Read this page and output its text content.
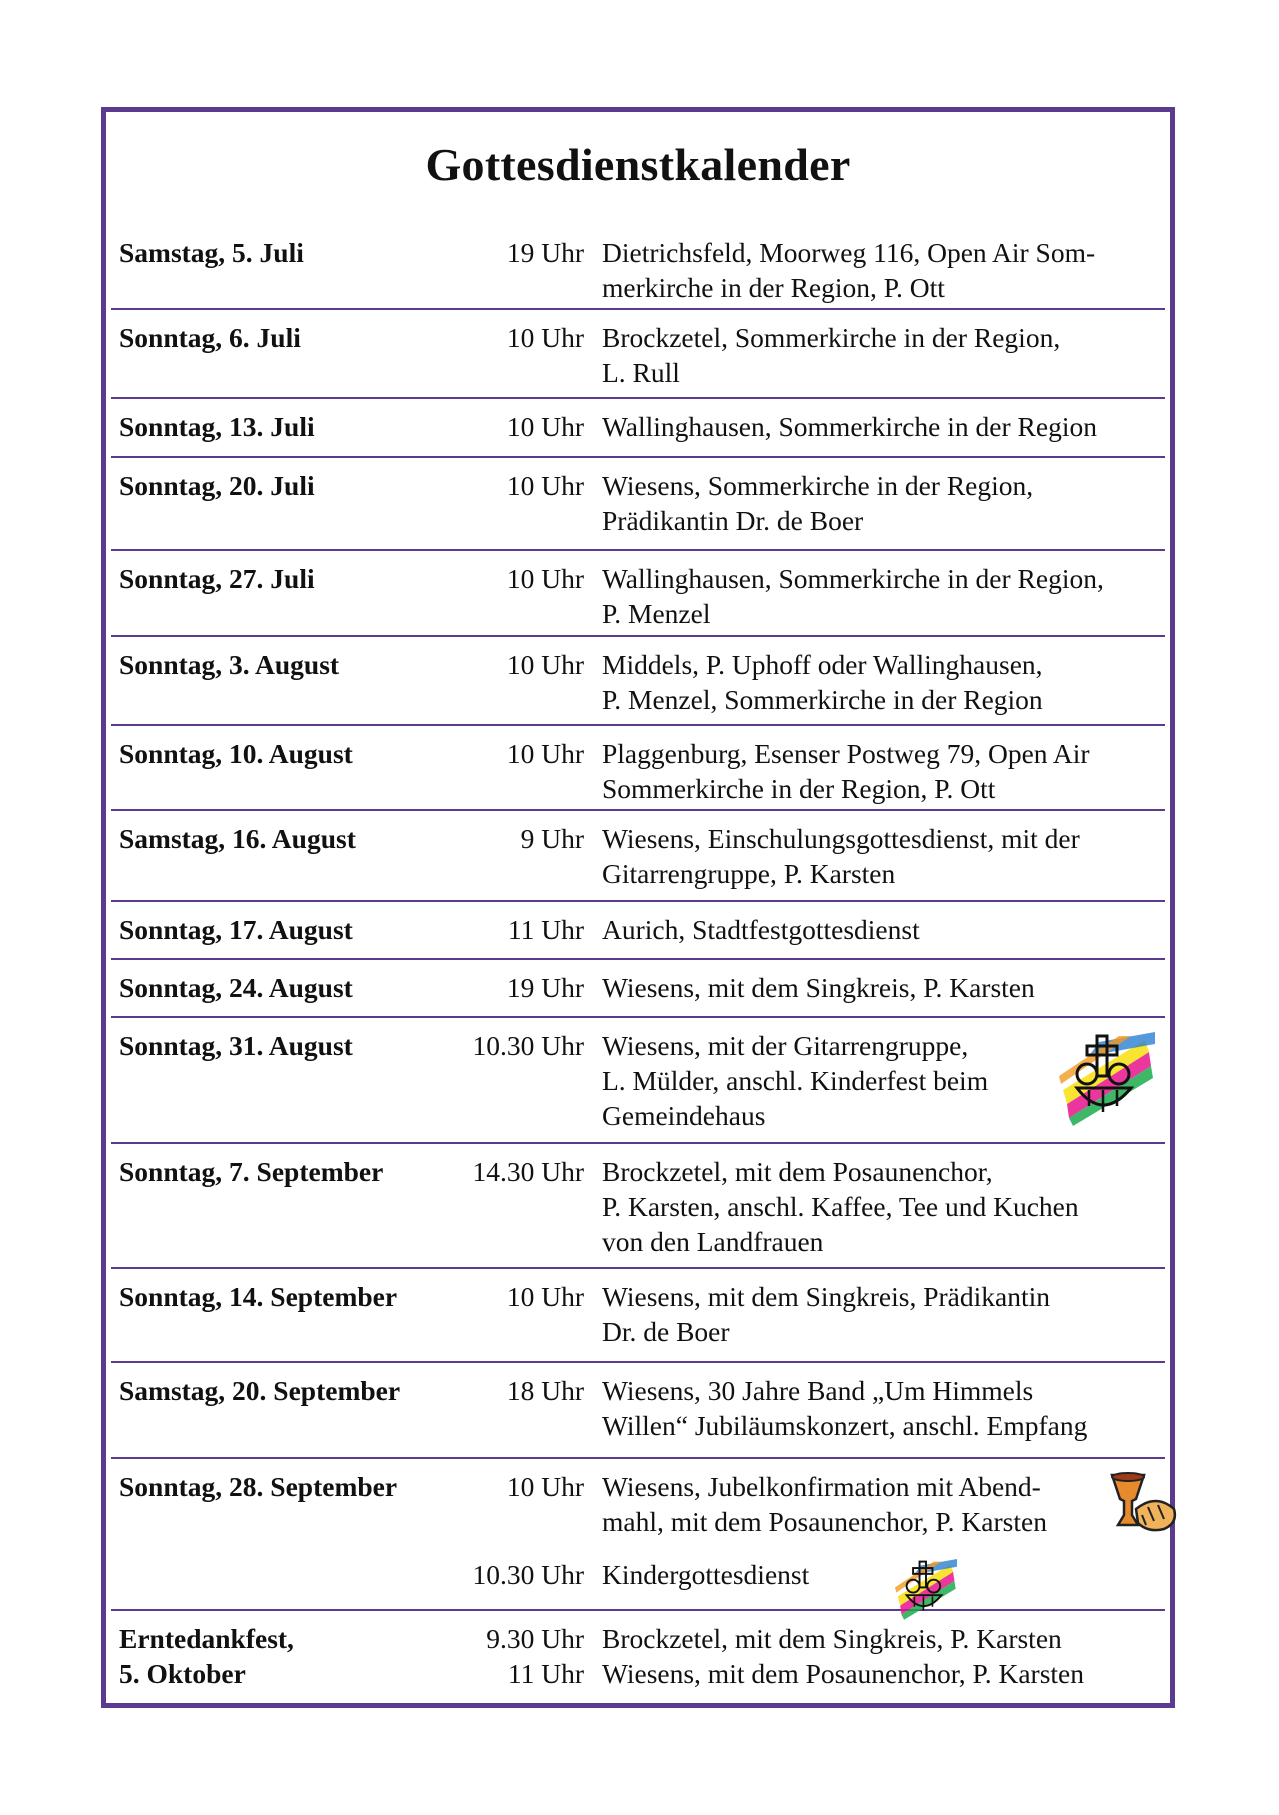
Gottesdienstkalender
Samstag, 5. Juli	19 Uhr Dietrichsfeld, Moorweg 116, Open Air Som-
merkirche in der Region, P. Ott
Sonntag, 6. Juli	10 Uhr Brockzetel, Sommerkirche in der Region,
L. Rull
Sonntag, 13. Juli	10 Uhr Wallinghausen, Sommerkirche in der Region
Sonntag, 20. Juli	10 Uhr Wiesens, Sommerkirche in der Region,
Prädikantin Dr. de Boer
Sonntag, 27. Juli	10 Uhr Wallinghausen, Sommerkirche in der Region,
P. Menzel
Sonntag, 3. August	10 Uhr Middels, P. Uphoff oder Wallinghausen,
P. Menzel, Sommerkirche in der Region
Sonntag, 10. August	10 Uhr Plaggenburg, Esenser Postweg 79, Open Air
Sommerkirche in der Region, P. Ott
Samstag, 16. August	9 Uhr Wiesens, Einschulungsgottesdienst, mit der
Gitarrengruppe, P. Karsten
Sonntag, 17. August	11 Uhr Aurich, Stadtfestgottesdienst
Sonntag, 24. August	19 Uhr Wiesens, mit dem Singkreis, P. Karsten
Sonntag, 31. August	10.30 Uhr Wiesens, mit der Gitarrengruppe,
L. Mülder, anschl. Kinderfest beim
Gemeindehaus
Sonntag, 7. September	14.30 Uhr Brockzetel, mit dem Posaunenchor,
P. Karsten, anschl. Kaffee, Tee und Kuchen
von den Landfrauen
Sonntag, 14. September	10 Uhr Wiesens, mit dem Singkreis, Prädikantin
Dr. de Boer
Samstag, 20. September	18 Uhr Wiesens, 30 Jahre Band „Um Himmels
Willen“ Jubiläumskonzert, anschl. Empfang
Sonntag, 28. September	10 Uhr Wiesens, Jubelkonfirmation mit Abend-
mahl, mit dem Posaunenchor, P. Karsten
10.30 Uhr Kindergottesdienst
Erntedankfest,
5. Oktober
9.30 Uhr Brockzetel, mit dem Singkreis, P. Karsten
11 Uhr Wiesens, mit dem Posaunenchor, P. Karsten
